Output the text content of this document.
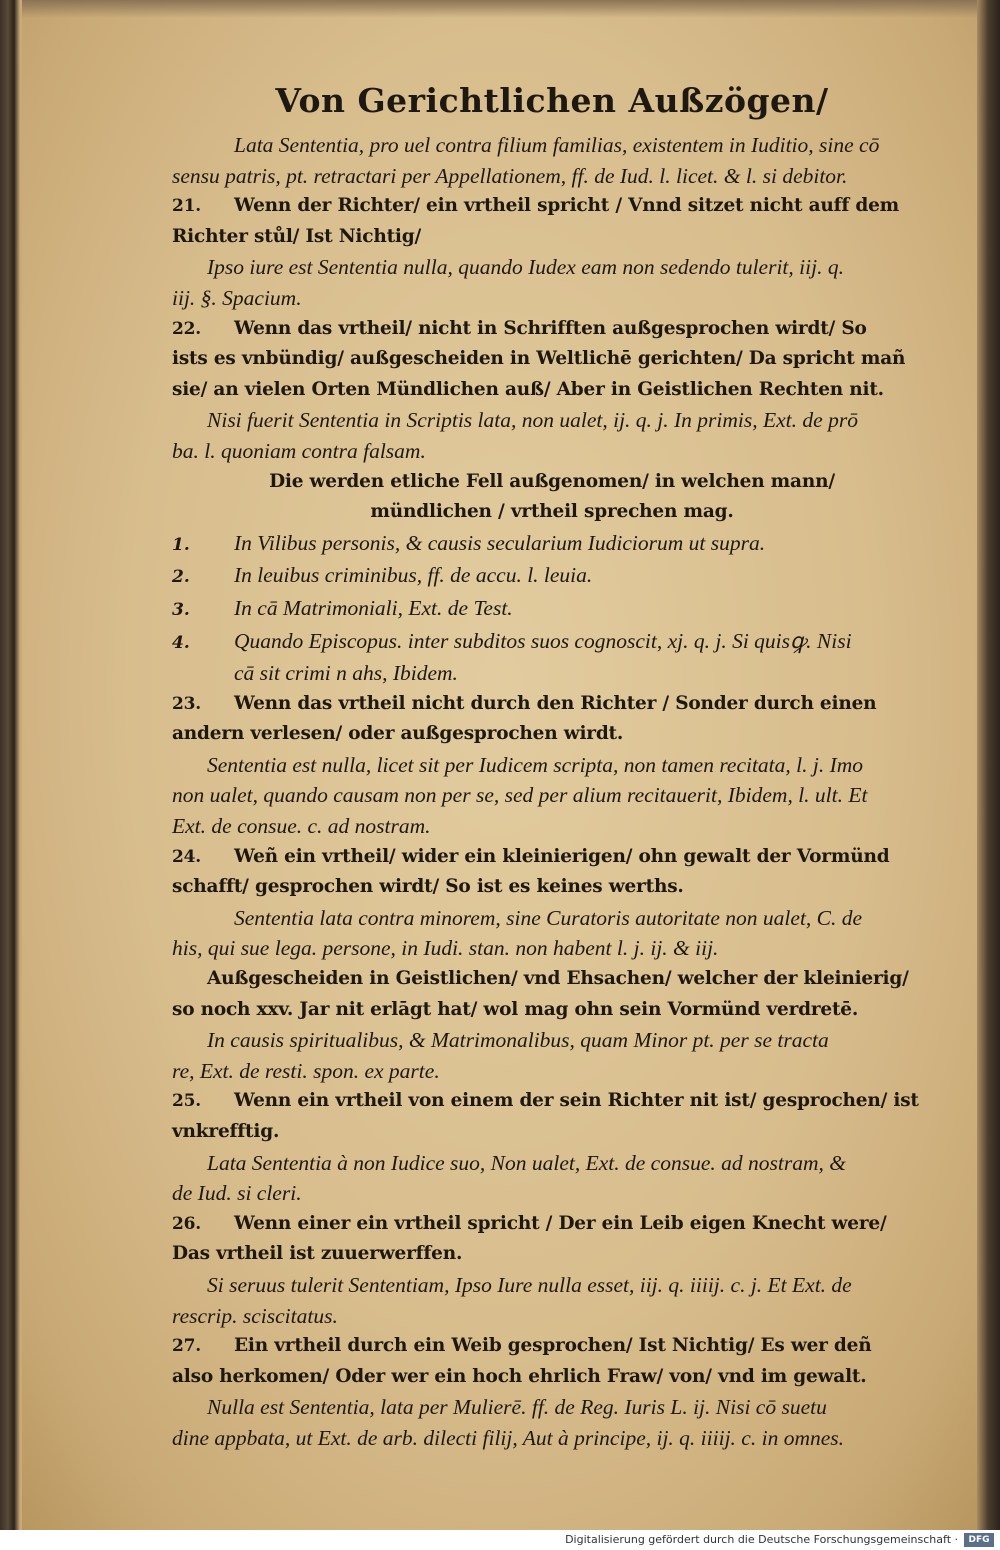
Von Gerichtlichen Außzögen/
Lata Sententia, pro uel contra filium familias, existentem in Iuditio, sine cō
sensu patris, pt. retractari per Appellationem, ff. de Iud. l. licet. & l. si debitor.
21. Wenn der Richter/ ein vrtheil spricht / Vnnd sitzet nicht auff dem
Richter stůl/ Ist Nichtig/
Ipso iure est Sententia nulla, quando Iudex eam non sedendo tulerit, iij. q.
iij. §. Spacium.
22. Wenn das vrtheil/ nicht in Schrifften außgesprochen wirdt/ So
ists es vnbündig/ außgescheiden in Weltlichē gerichten/ Da spricht mañ
sie/ an vielen Orten Mündlichen auß/ Aber in Geistlichen Rechten nit.
Nisi fuerit Sententia in Scriptis lata, non ualet, ij. q. j. In primis, Ext. de prō
ba. l. quoniam contra falsam.
Die werden etliche Fell außgenomen/ in welchen mann/
mündlichen / vrtheil sprechen mag.
1. In Vilibus personis, & causis secularium Iudiciorum ut supra.
2. In leuibus criminibus, ff. de accu. l. leuia.
3. In cā Matrimoniali, Ext. de Test.
4. Quando Episcopus. inter subditos suos cognoscit, xj. q. j. Si quisꝙ. Nisi
cā sit crimi n ahs, Ibidem.
23. Wenn das vrtheil nicht durch den Richter / Sonder durch einen
andern verlesen/ oder außgesprochen wirdt.
Sententia est nulla, licet sit per Iudicem scripta, non tamen recitata, l. j. Imo
non ualet, quando causam non per se, sed per alium recitauerit, Ibidem, l. ult. Et
Ext. de consue. c. ad nostram.
24. Weñ ein vrtheil/ wider ein kleinierigen/ ohn gewalt der Vormünd
schafft/ gesprochen wirdt/ So ist es keines werths.
Sententia lata contra minorem, sine Curatoris autoritate non ualet, C. de
his, qui sue lega. persone, in Iudi. stan. non habent l. j. ij. & iij.
Außgescheiden in Geistlichen/ vnd Ehsachen/ welcher der kleinierig/
so noch xxv. Jar nit erlāgt hat/ wol mag ohn sein Vormünd verdretē.
In causis spiritualibus, & Matrimonalibus, quam Minor pt. per se tracta
re, Ext. de resti. spon. ex parte.
25. Wenn ein vrtheil von einem der sein Richter nit ist/ gesprochen/ ist
vnkrefftig.
Lata Sententia à non Iudice suo, Non ualet, Ext. de consue. ad nostram, &
de Iud. si cleri.
26. Wenn einer ein vrtheil spricht / Der ein Leib eigen Knecht were/
Das vrtheil ist zuuerwerffen.
Si seruus tulerit Sententiam, Ipso Iure nulla esset, iij. q. iiiij. c. j. Et Ext. de
rescrip. sciscitatus.
27. Ein vrtheil durch ein Weib gesprochen/ Ist Nichtig/ Es wer deñ
also herkomen/ Oder wer ein hoch ehrlich Fraw/ von/ vnd im gewalt.
Nulla est Sententia, lata per Mulierē. ff. de Reg. Iuris L. ij. Nisi cō suetu
dine appbata, ut Ext. de arb. dilecti filij, Aut à principe, ij. q. iiiij. c. in omnes.
Digitalisierung gefördert durch die Deutsche Forschungsgemeinschaft ·	DFG
